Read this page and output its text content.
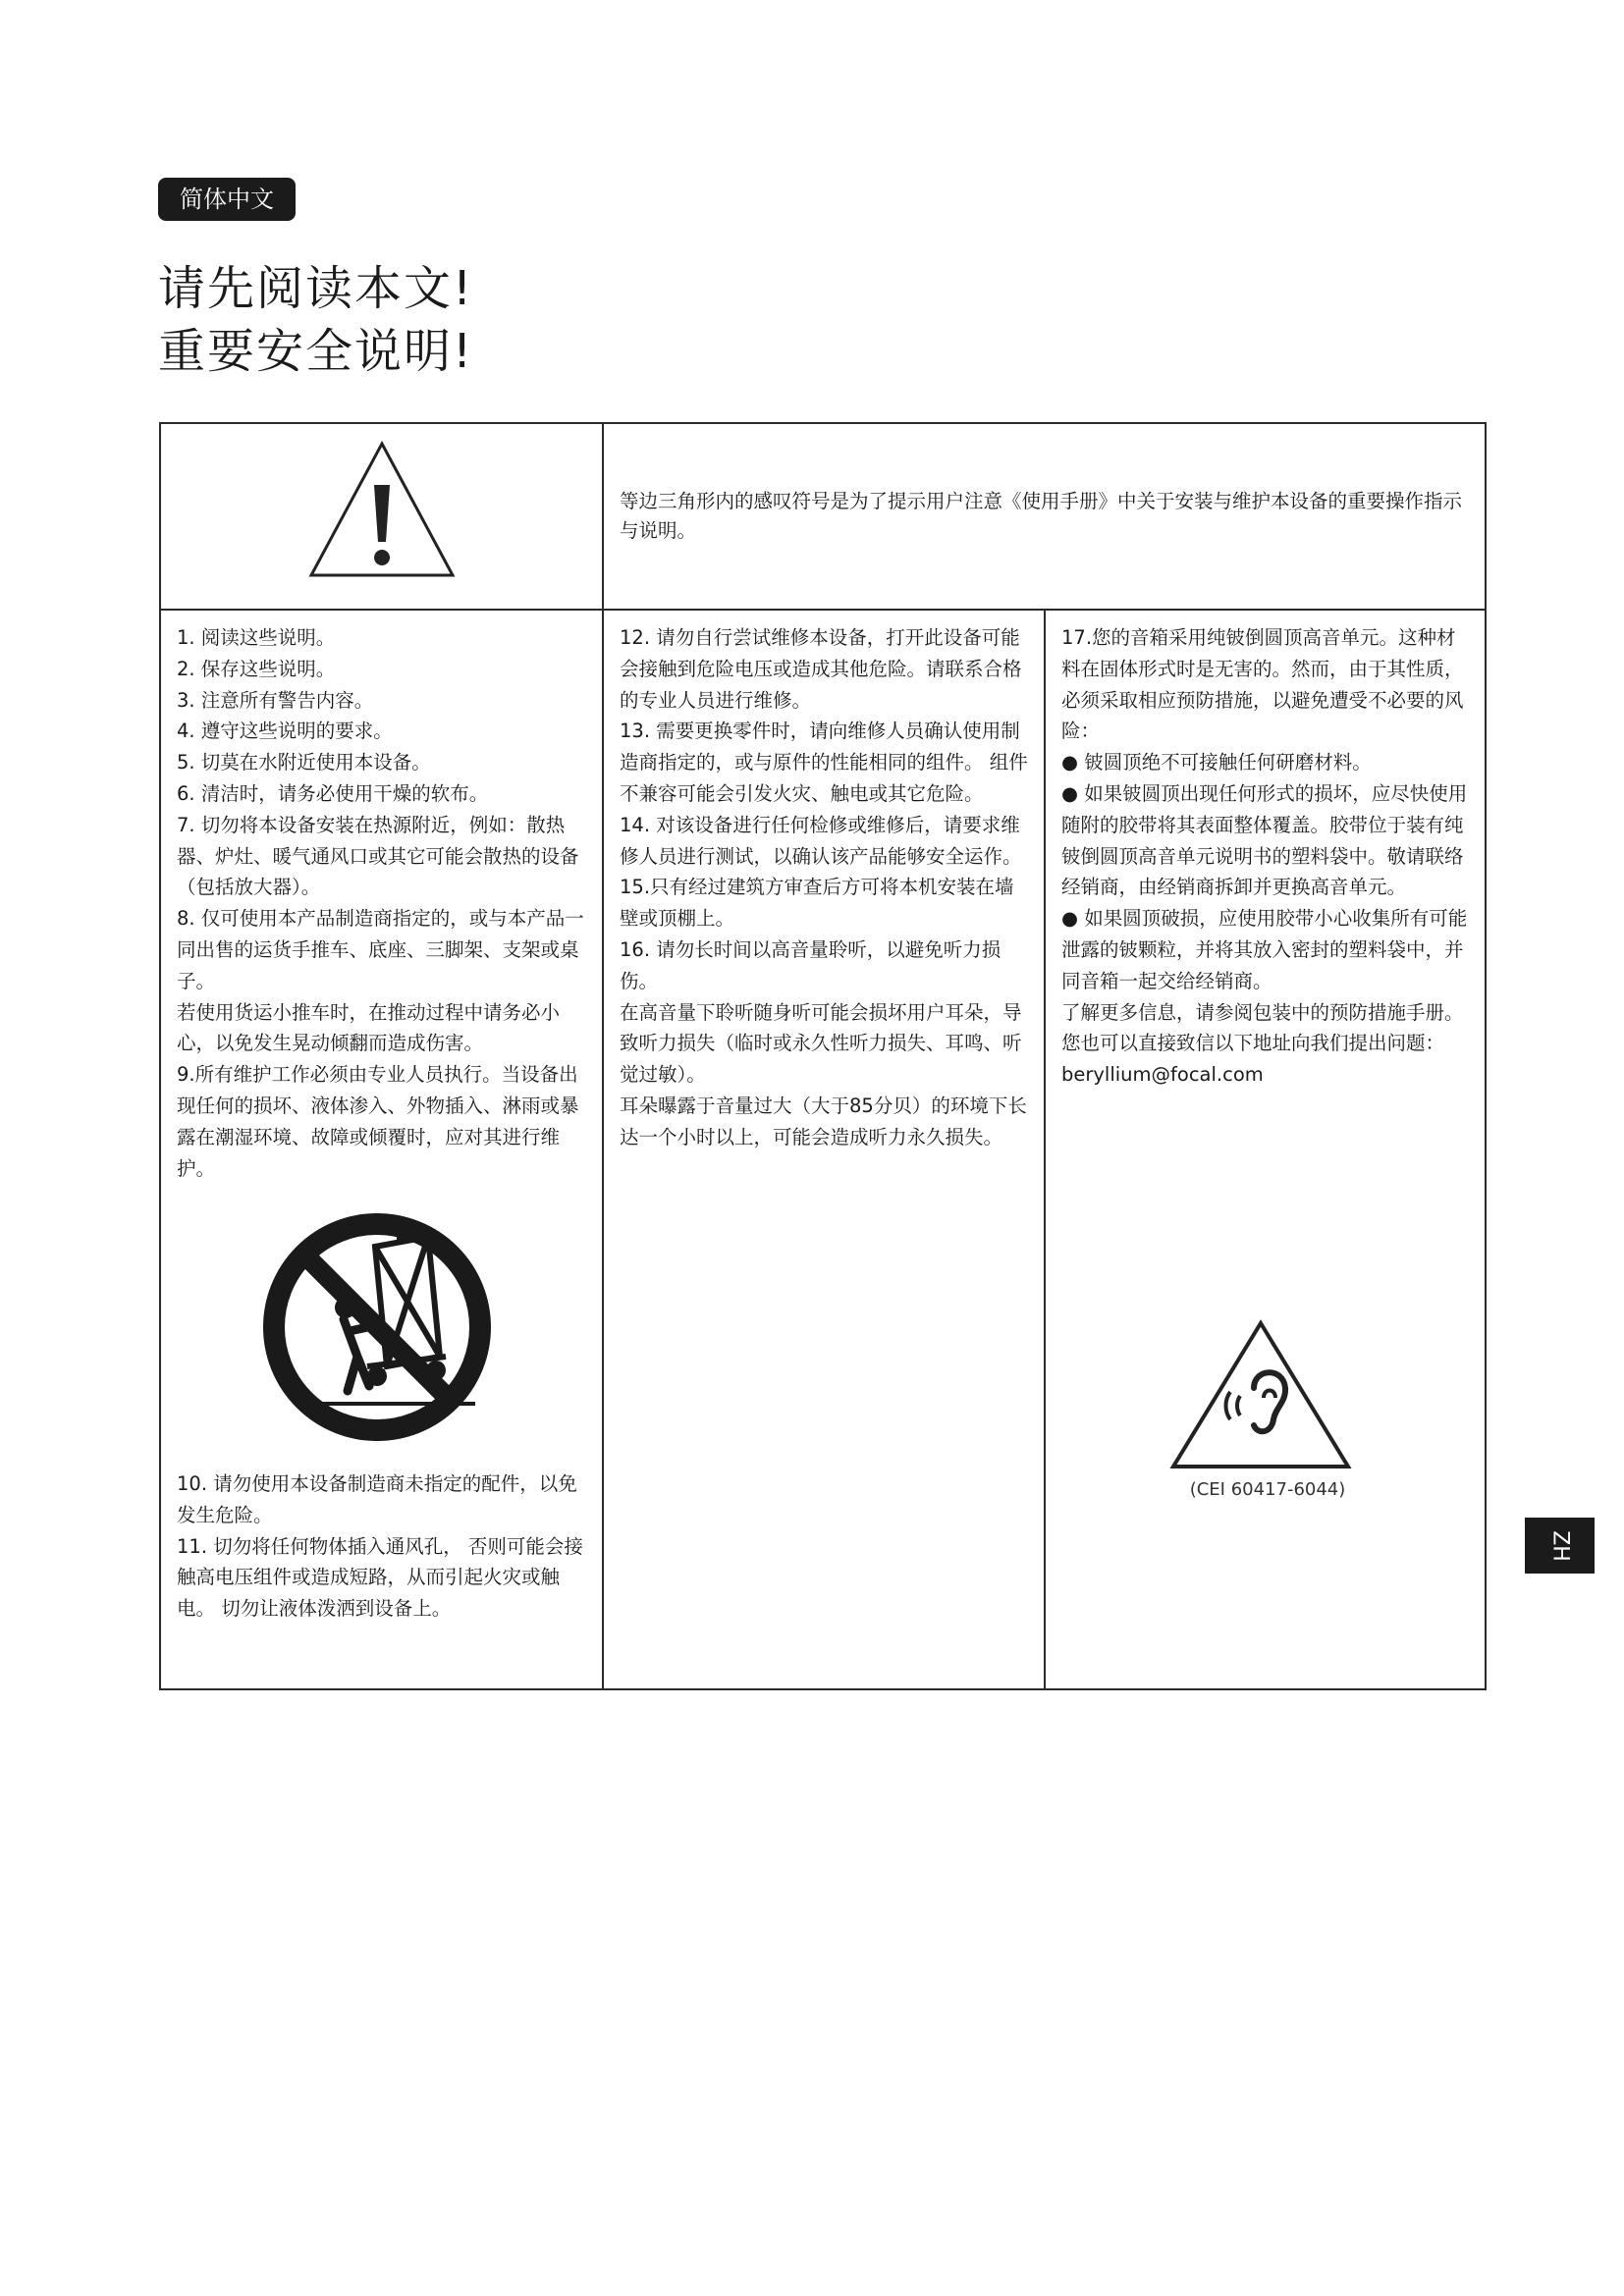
简体中文
请先阅读本文!
重要安全说明!

等边三角形内的感叹符号是为了提示用户注意《使用手册》中关于安装与维护本设备的重要操作指示与说明。

1. 阅读这些说明。

2. 保存这些说明。

3. 注意所有警告内容。

4. 遵守这些说明的要求。

5. 切莫在水附近使用本设备。

6. 清洁时，请务必使用干燥的软布。

7. 切勿将本设备安装在热源附近，例如：散热器、炉灶、暖气通风口或其它可能会散热的设备（包括放大器）。

8. 仅可使用本产品制造商指定的，或与本产品一同出售的运货手推车、底座、三脚架、支架或桌子。

若使用货运小推车时，在推动过程中请务必小心，以免发生晃动倾翻而造成伤害。

9.所有维护工作必须由专业人员执行。当设备出现任何的损坏、液体渗入、外物插入、淋雨或暴露在潮湿环境、故障或倾覆时，应对其进行维护。

10. 请勿使用本设备制造商未指定的配件，以免发生危险。

11. 切勿将任何物体插入通风孔， 否则可能会接触高电压组件或造成短路，从而引起火灾或触电。 切勿让液体泼洒到设备上。

12. 请勿自行尝试维修本设备，打开此设备可能会接触到危险电压或造成其他危险。请联系合格的专业人员进行维修。

13. 需要更换零件时，请向维修人员确认使用制造商指定的，或与原件的性能相同的组件。 组件不兼容可能会引发火灾、触电或其它危险。

14. 对该设备进行任何检修或维修后，请要求维修人员进行测试，以确认该产品能够安全运作。

15.只有经过建筑方审查后方可将本机安装在墙壁或顶棚上。

16. 请勿长时间以高音量聆听，以避免听力损伤。

在高音量下聆听随身听可能会损坏用户耳朵，导致听力损失（临时或永久性听力损失、耳鸣、听觉过敏）。

耳朵曝露于音量过大（大于85分贝）的环境下长达一个小时以上，可能会造成听力永久损失。

17.您的音箱采用纯铍倒圆顶高音单元。这种材料在固体形式时是无害的。然而，由于其性质，必须采取相应预防措施，以避免遭受不必要的风险：

● 铍圆顶绝不可接触任何研磨材料。

● 如果铍圆顶出现任何形式的损坏，应尽快使用随附的胶带将其表面整体覆盖。胶带位于装有纯铍倒圆顶高音单元说明书的塑料袋中。敬请联络经销商，由经销商拆卸并更换高音单元。

● 如果圆顶破损，应使用胶带小心收集所有可能泄露的铍颗粒，并将其放入密封的塑料袋中，并同音箱一起交给经销商。

了解更多信息，请参阅包装中的预防措施手册。

您也可以直接致信以下地址向我们提出问题：

beryllium@focal.com

(CEI 60417-6044)

ZH
